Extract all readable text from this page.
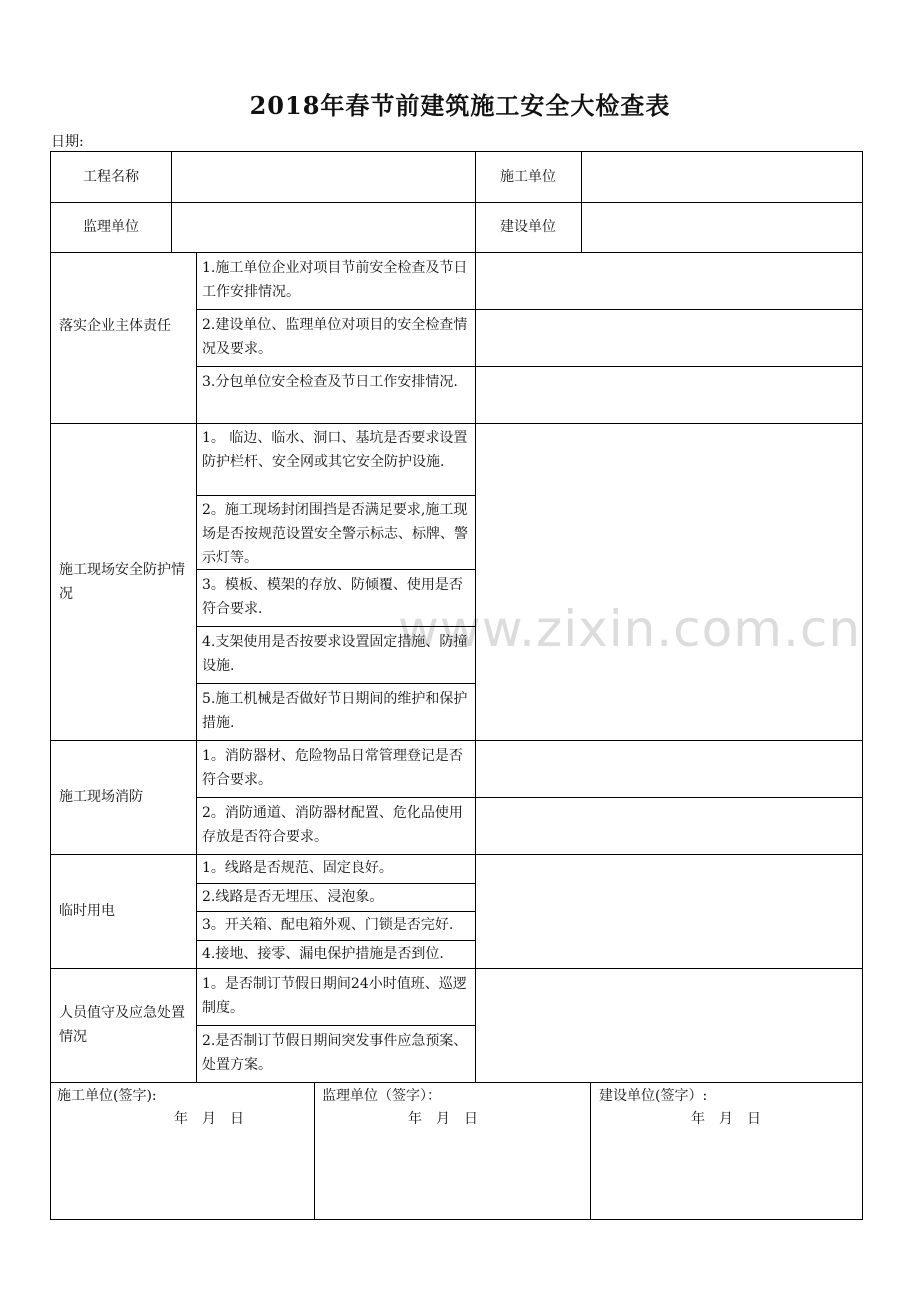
2018年春节前建筑施工安全大检查表
日期:
www.zixin.com.cn
工程名称	施工单位
监理单位	建设单位
落实企业主体责任
施工现场安全防护情况
施工现场消防
临时用电
人员值守及应急处置情况
1.施工单位企业对项目节前安全检查及节日工作安排情况。
2.建设单位、监理单位对项目的安全检查情况及要求。
3.分包单位安全检查及节日工作安排情况.
1。 临边、临水、洞口、基坑是否要求设置防护栏杆、安全网或其它安全防护设施.
2。施工现场封闭围挡是否满足要求,施工现场是否按规范设置安全警示标志、标牌、警示灯等。
3。模板、模架的存放、防倾覆、使用是否符合要求.
4.支架使用是否按要求设置固定措施、防撞设施.
5.施工机械是否做好节日期间的维护和保护措施.
1。消防器材、危险物品日常管理登记是否符合要求。
2。消防通道、消防器材配置、危化品使用存放是否符合要求。
1。线路是否规范、固定良好。
2.线路是否无埋压、浸泡象。
3。开关箱、配电箱外观、门锁是否完好.
4.接地、接零、漏电保护措施是否到位.
1。是否制订节假日期间24小时值班、巡逻制度。
2.是否制订节假日期间突发事件应急预案、处置方案。
施工单位(签字):
年　月　日
监理单位（签字）：
年　月　日
建设单位(签字）:
年　月　日
